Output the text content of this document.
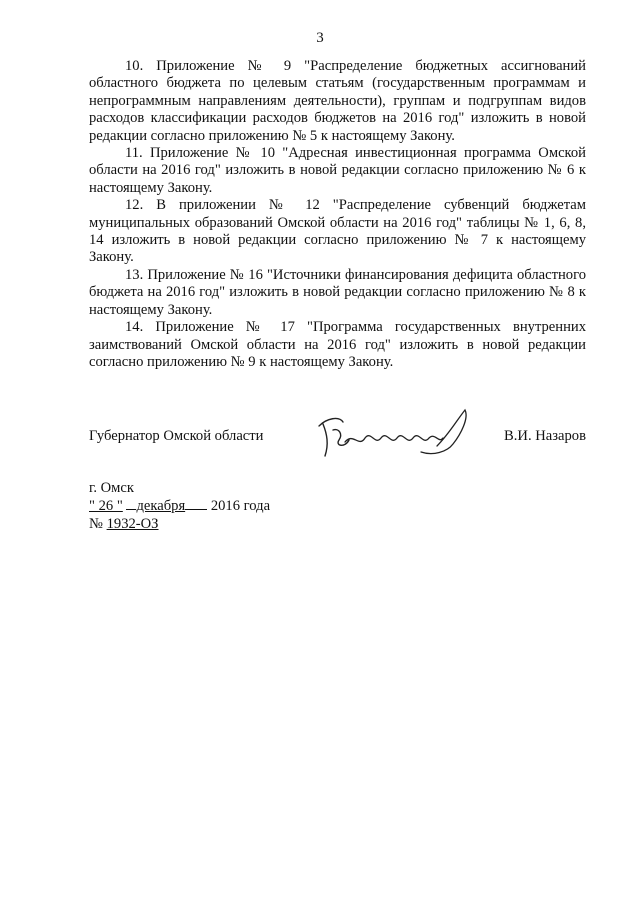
3

10. Приложение № 9 "Распределение бюджетных ассигнований областного бюджета по целевым статьям (государственным программам и непрограммным направлениям деятельности), группам и подгруппам видов расходов классификации расходов бюджетов на 2016 год" изложить в новой редакции согласно приложению № 5 к настоящему Закону.

11. Приложение № 10 "Адресная инвестиционная программа Омской области на 2016 год" изложить в новой редакции согласно приложению № 6 к настоящему Закону.

12. В приложении № 12 "Распределение субвенций бюджетам муниципальных образований Омской области на 2016 год" таблицы № 1, 6, 8, 14 изложить в новой редакции согласно приложению № 7 к настоящему Закону.

13. Приложение № 16 "Источники финансирования дефицита областного бюджета на 2016 год" изложить в новой редакции согласно приложению № 8 к настоящему Закону.

14. Приложение № 17 "Программа государственных внутренних заимствований Омской области на 2016 год" изложить в новой редакции согласно приложению № 9 к настоящему Закону.

Губернатор Омской области	В.И. Назаров
г. Омск
" 26 " декабря 2016 года
№ 1932-ОЗ
